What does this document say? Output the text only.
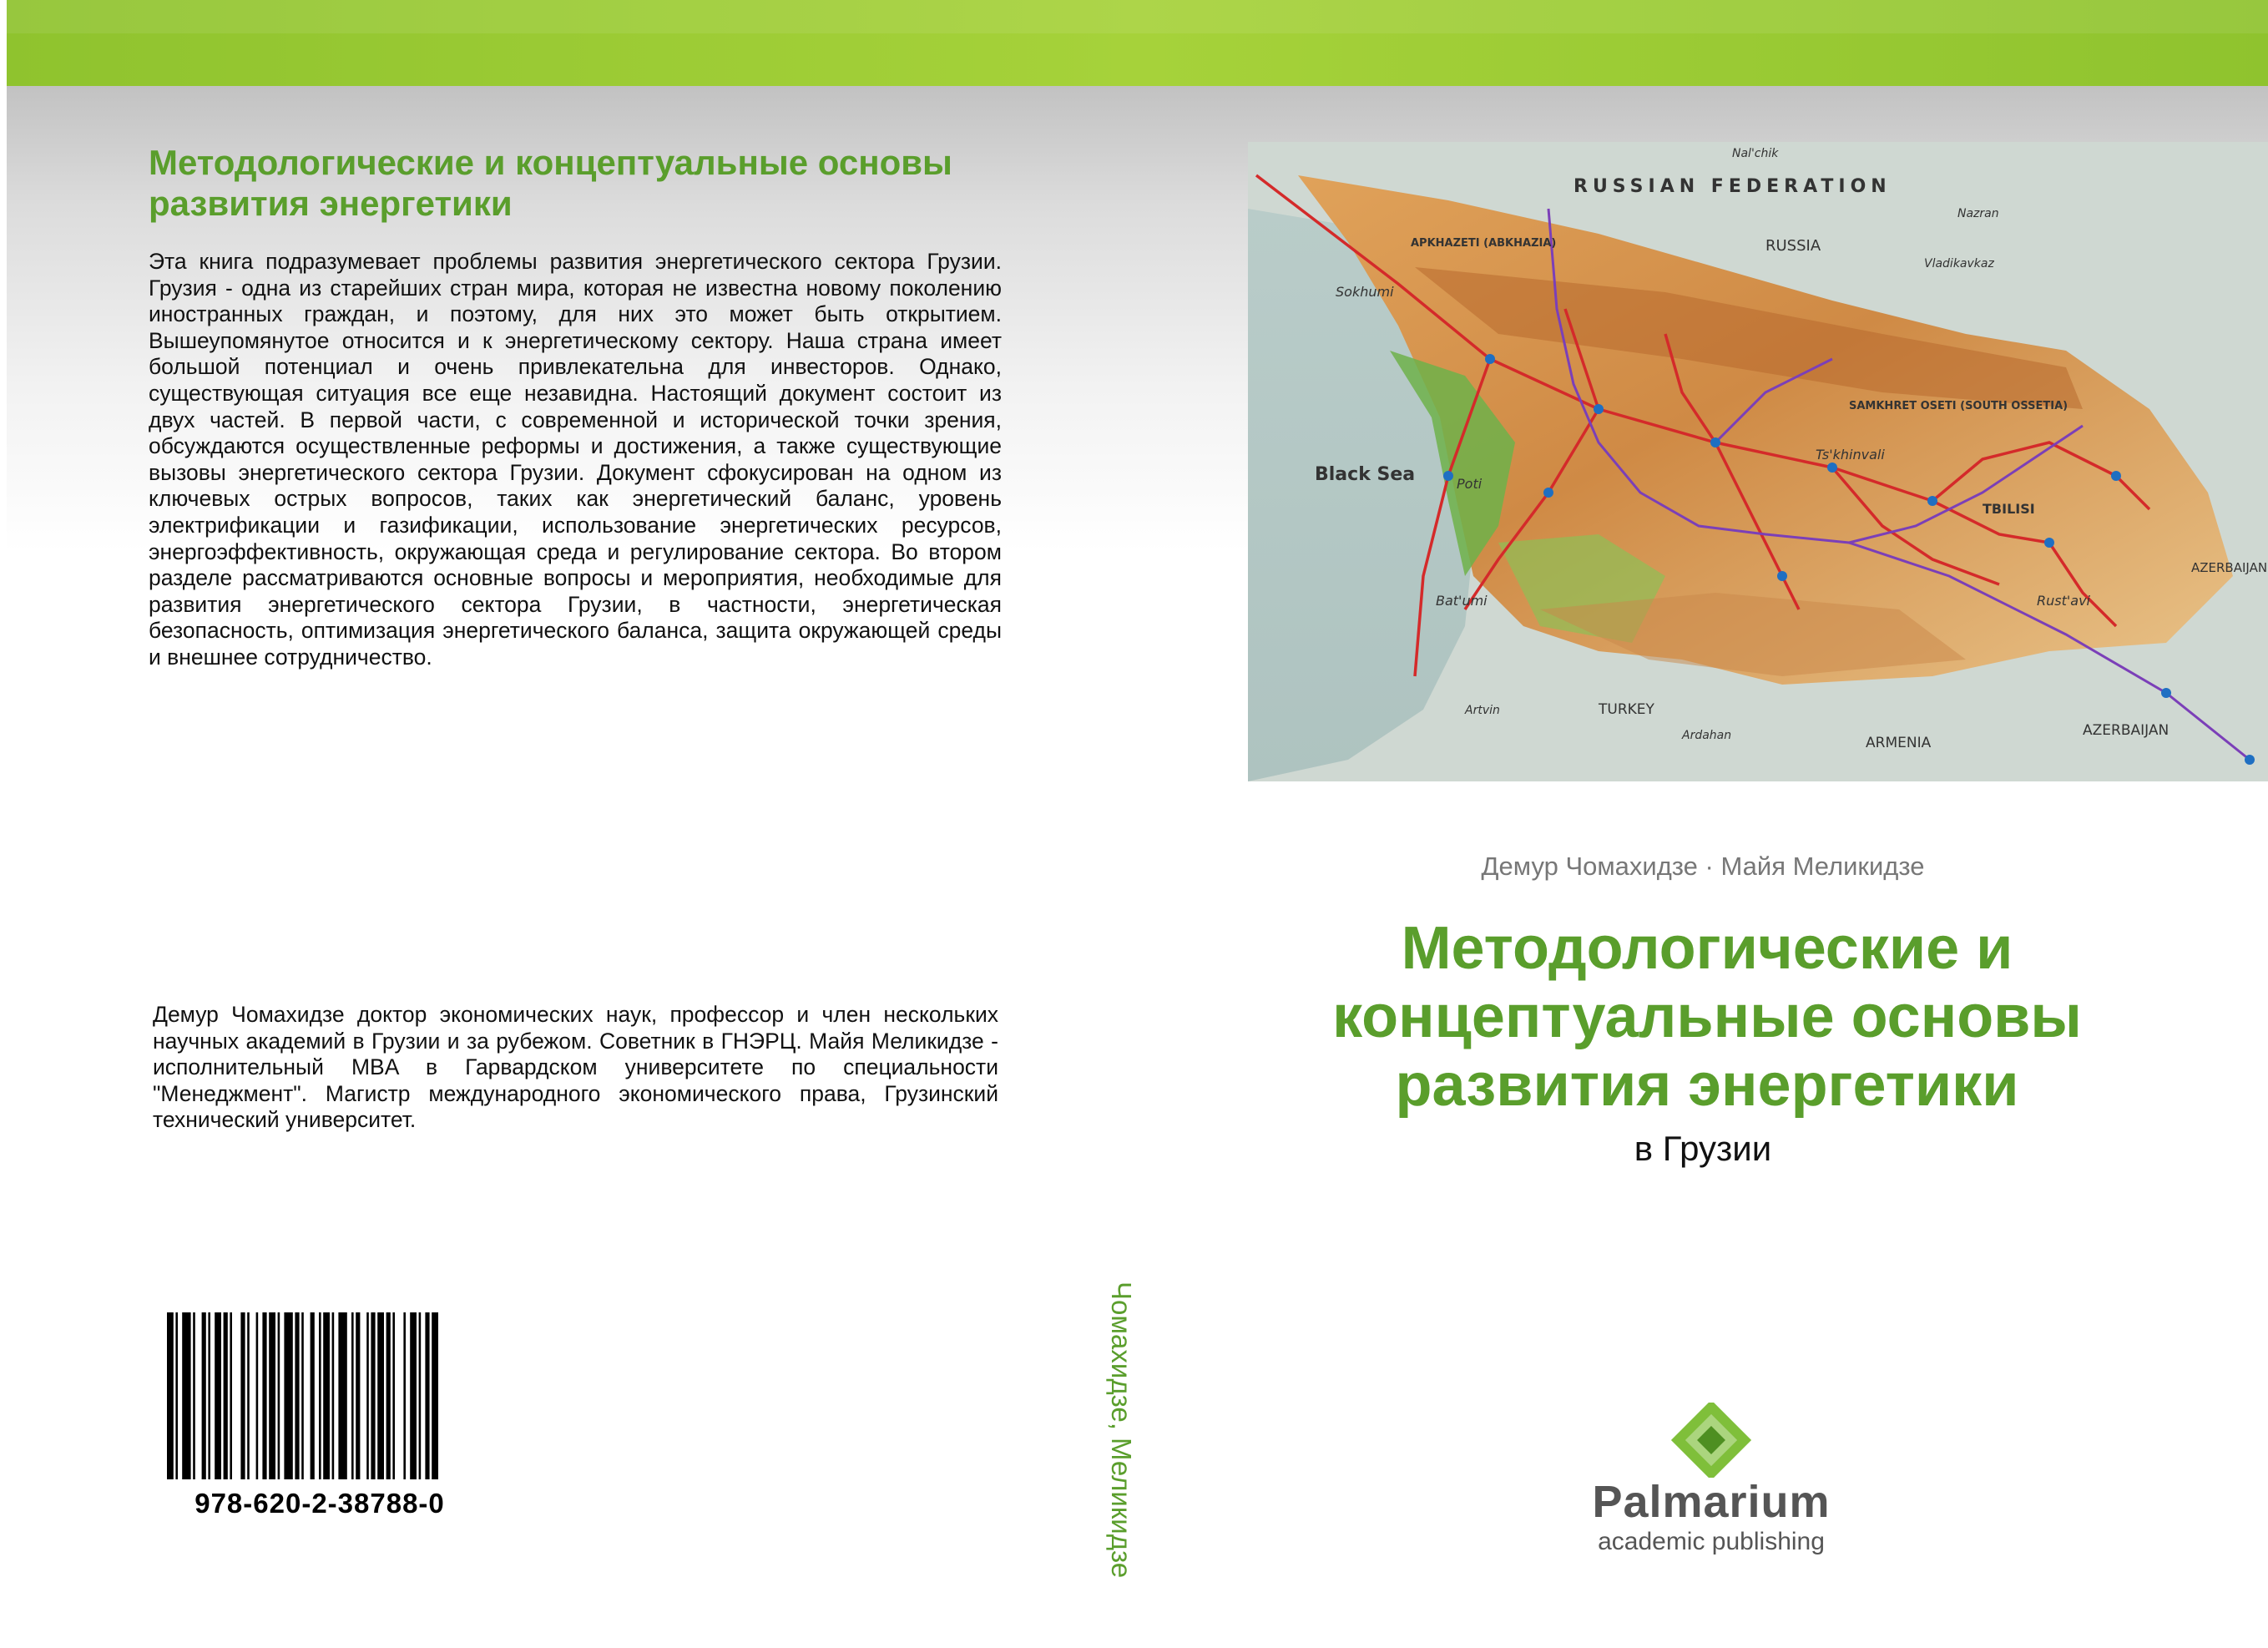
Методологические и концептуальные основы развития энергетики

Эта книга подразумевает проблемы развития энергетического сектора Грузии. Грузия - одна из старейших стран мира, которая не известна новому поколению иностранных граждан, и поэтому, для них это может быть открытием. Вышеупомянутое относится и к энергетическому сектору. Наша страна имеет большой потенциал и очень привлекательна для инвесторов. Однако, существующая ситуация все еще незавидна. Настоящий документ состоит из двух частей. В первой части, с современной и исторической точки зрения, обсуждаются осуществленные реформы и достижения, а также существующие вызовы энергетического сектора Грузии. Документ сфокусирован на одном из ключевых острых вопросов, таких как энергетический баланс, уровень электрификации и газификации, использование энергетических ресурсов, энергоэффективность, окружающая среда и регулирование сектора. Во втором разделе рассматриваются основные вопросы и мероприятия, необходимые для развития энергетического сектора Грузии, в частности, энергетическая безопасность, оптимизация энергетического баланса, защита окружающей среды и внешнее сотрудничество.

Демур Чомахидзе доктор экономических наук, профессор и член нескольких научных академий в Грузии и за рубежом. Советник в ГНЭРЦ. Майя Меликидзе - исполнительный MBA в Гарвардском университете по специальности "Менеджмент". Магистр международного экономического права, Грузинский технический университет.

978-620-2-38788-0	Чомахидзе, Меликидзе
RUSSIAN FEDERATION
RUSSIA
Vladikavkaz
Nazran
Nal'chik
Black Sea
AZERBAIJAN
AZERBAIJAN
TURKEY
ARMENIA
APKHAZETI (ABKHAZIA)
Sokhumi
Poti
Bat'umi
TBILISI
Rust'avi
Ts'khinvali
SAMKHRET OSETI (SOUTH OSSETIA)
Artvin
Ardahan
Демур Чомахидзе · Майя Меликидзе
Методологические и концептуальные основы развития энергетики
в Грузии
Palmarium
academic publishing
